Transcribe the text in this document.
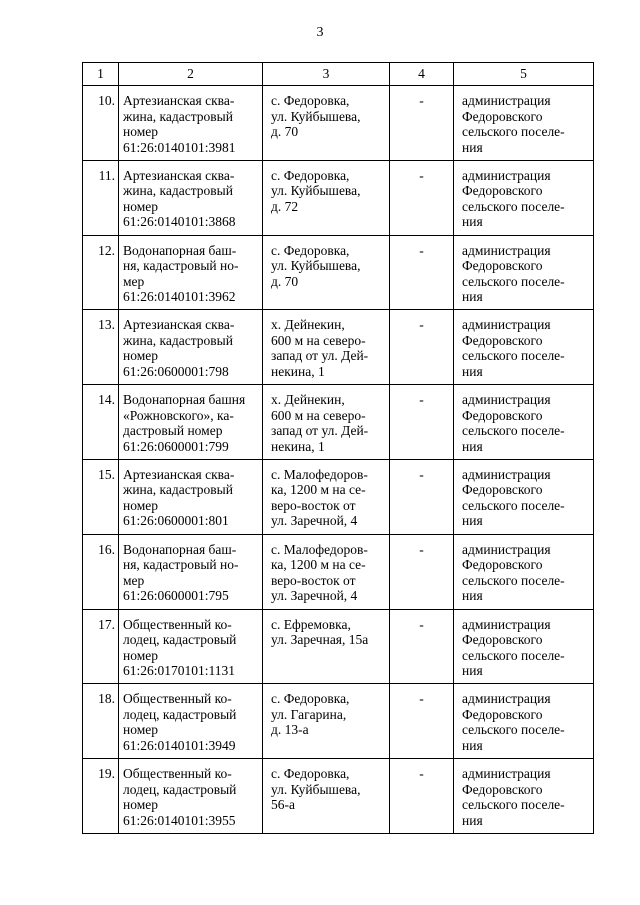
3
1	2	3	4	5
10.	Артезианская сква-
жина, кадастровый
номер
61:26:0140101:3981	с. Федоровка,
ул. Куйбышева,
д. 70	-	администрация
Федоровского
сельского поселе-
ния

11.	Артезианская сква-
жина, кадастровый
номер
61:26:0140101:3868	с. Федоровка,
ул. Куйбышева,
д. 72	-	администрация
Федоровского
сельского поселе-
ния

12.	Водонапорная баш-
ня, кадастровый но-
мер
61:26:0140101:3962	с. Федоровка,
ул. Куйбышева,
д. 70	-	администрация
Федоровского
сельского поселе-
ния

13.	Артезианская сква-
жина, кадастровый
номер
61:26:0600001:798	х. Дейнекин,
600 м на северо-
запад от ул. Дей-
некина, 1	-	администрация
Федоровского
сельского поселе-
ния

14.	Водонапорная башня
«Рожновского», ка-
дастровый номер
61:26:0600001:799	х. Дейнекин,
600 м на северо-
запад от ул. Дей-
некина, 1	-	администрация
Федоровского
сельского поселе-
ния

15.	Артезианская сква-
жина, кадастровый
номер
61:26:0600001:801	с. Малофедоров-
ка, 1200 м на се-
веро-восток от
ул. Заречной, 4	-	администрация
Федоровского
сельского поселе-
ния

16.	Водонапорная баш-
ня, кадастровый но-
мер
61:26:0600001:795	с. Малофедоров-
ка, 1200 м на се-
веро-восток от
ул. Заречной, 4	-	администрация
Федоровского
сельского поселе-
ния

17.	Общественный ко-
лодец, кадастровый
номер
61:26:0170101:1131	с. Ефремовка,
ул. Заречная, 15а	-	администрация
Федоровского
сельского поселе-
ния

18.	Общественный ко-
лодец, кадастровый
номер
61:26:0140101:3949	с. Федоровка,
ул. Гагарина,
д. 13-а	-	администрация
Федоровского
сельского поселе-
ния

19.	Общественный ко-
лодец, кадастровый
номер
61:26:0140101:3955	с. Федоровка,
ул. Куйбышева,
56-а	-	администрация
Федоровского
сельского поселе-
ния
